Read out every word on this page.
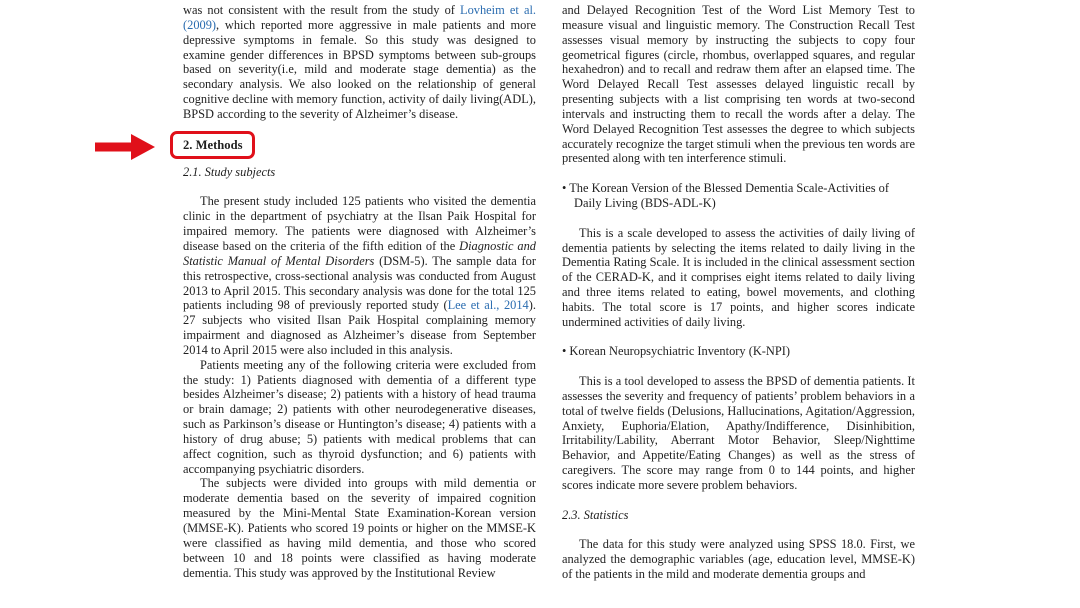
was not consistent with the result from the study of Lovheim et al. (2009), which reported more aggressive in male patients and more depressive symptoms in female. So this study was designed to examine gender differences in BPSD symptoms between sub-groups based on severity(i.e, mild and moderate stage dementia) as the secondary analysis. We also looked on the relationship of general cognitive decline with memory function, activity of daily living(ADL), BPSD according to the severity of Alzheimer’s disease.

2. Methods

2.1. Study subjects

The present study included 125 patients who visited the dementia clinic in the department of psychiatry at the Ilsan Paik Hospital for impaired memory. The patients were diagnosed with Alzheimer’s disease based on the criteria of the fifth edition of the Diagnostic and Statistic Manual of Mental Disorders (DSM-5). The sample data for this retrospective, cross-sectional analysis was conducted from August 2013 to April 2015. This secondary analysis was done for the total 125 patients including 98 of previously reported study (Lee et al., 2014). 27 subjects who visited Ilsan Paik Hospital complaining memory impairment and diagnosed as Alzheimer’s disease from September 2014 to April 2015 were also included in this analysis.

Patients meeting any of the following criteria were excluded from the study: 1) Patients diagnosed with dementia of a different type besides Alzheimer’s disease; 2) patients with a history of head trauma or brain damage; 2) patients with other neurodegenerative diseases, such as Parkinson’s disease or Huntington’s disease; 4) patients with a history of drug abuse; 5) patients with medical problems that can affect cognition, such as thyroid dysfunction; and 6) patients with accompanying psychiatric disorders.

The subjects were divided into groups with mild dementia or moderate dementia based on the severity of impaired cognition measured by the Mini-Mental State Examination-Korean version (MMSE-K). Patients who scored 19 points or higher on the MMSE-K were classified as having mild dementia, and those who scored between 10 and 18 points were classified as having moderate dementia. This study was approved by the Institutional Review

and Delayed Recognition Test of the Word List Memory Test to measure visual and linguistic memory. The Construction Recall Test assesses visual memory by instructing the subjects to copy four geometrical figures (circle, rhombus, overlapped squares, and regular hexahedron) and to recall and redraw them after an elapsed time. The Word Delayed Recall Test assesses delayed linguistic recall by presenting subjects with a list comprising ten words at two-second intervals and instructing them to recall the words after a delay. The Word Delayed Recognition Test assesses the degree to which subjects accurately recognize the target stimuli when the previous ten words are presented along with ten interference stimuli.

• The Korean Version of the Blessed Dementia Scale-Activities of Daily Living (BDS-ADL-K)

This is a scale developed to assess the activities of daily living of dementia patients by selecting the items related to daily living in the Dementia Rating Scale. It is included in the clinical assessment section of the CERAD-K, and it comprises eight items related to daily living and three items related to eating, bowel movements, and clothing habits. The total score is 17 points, and higher scores indicate undermined activities of daily living.

• Korean Neuropsychiatric Inventory (K-NPI)

This is a tool developed to assess the BPSD of dementia patients. It assesses the severity and frequency of patients’ problem behaviors in a total of twelve fields (Delusions, Hallucinations, Agitation/Aggression, Anxiety, Euphoria/Elation, Apathy/Indifference, Disinhibition, Irritability/Lability, Aberrant Motor Behavior, Sleep/Nighttime Behavior, and Appetite/Eating Changes) as well as the stress of caregivers. The score may range from 0 to 144 points, and higher scores indicate more severe problem behaviors.

2.3. Statistics

The data for this study were analyzed using SPSS 18.0. First, we analyzed the demographic variables (age, education level, MMSE-K) of the patients in the mild and moderate dementia groups and
